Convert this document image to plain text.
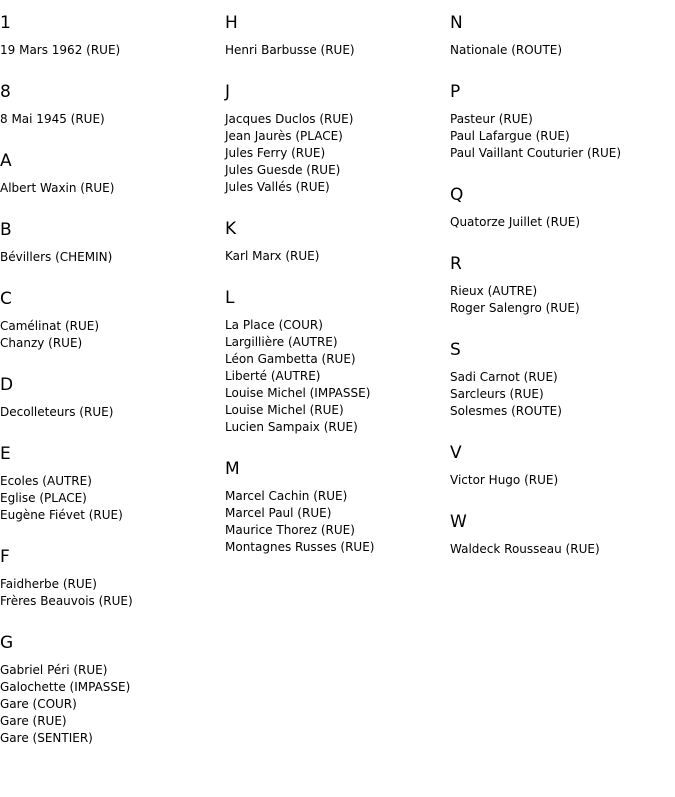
1
19 Mars 1962 (RUE)
8
8 Mai 1945 (RUE)
A
Albert Waxin (RUE)
B
Bévillers (CHEMIN)
C
Camélinat (RUE)
Chanzy (RUE)
D
Decolleteurs (RUE)
E
Ecoles (AUTRE)
Eglise (PLACE)
Eugène Fiévet (RUE)
F
Faidherbe (RUE)
Frères Beauvois (RUE)
G
Gabriel Péri (RUE)
Galochette (IMPASSE)
Gare (COUR)
Gare (RUE)
Gare (SENTIER)
H
Henri Barbusse (RUE)
J
Jacques Duclos (RUE)
Jean Jaurès (PLACE)
Jules Ferry (RUE)
Jules Guesde (RUE)
Jules Vallés (RUE)
K
Karl Marx (RUE)
L
La Place (COUR)
Largillière (AUTRE)
Léon Gambetta (RUE)
Liberté (AUTRE)
Louise Michel (IMPASSE)
Louise Michel (RUE)
Lucien Sampaix (RUE)
M
Marcel Cachin (RUE)
Marcel Paul (RUE)
Maurice Thorez (RUE)
Montagnes Russes (RUE)
N
Nationale (ROUTE)
P
Pasteur (RUE)
Paul Lafargue (RUE)
Paul Vaillant Couturier (RUE)
Q
Quatorze Juillet (RUE)
R
Rieux (AUTRE)
Roger Salengro (RUE)
S
Sadi Carnot (RUE)
Sarcleurs (RUE)
Solesmes (ROUTE)
V
Victor Hugo (RUE)
W
Waldeck Rousseau (RUE)
